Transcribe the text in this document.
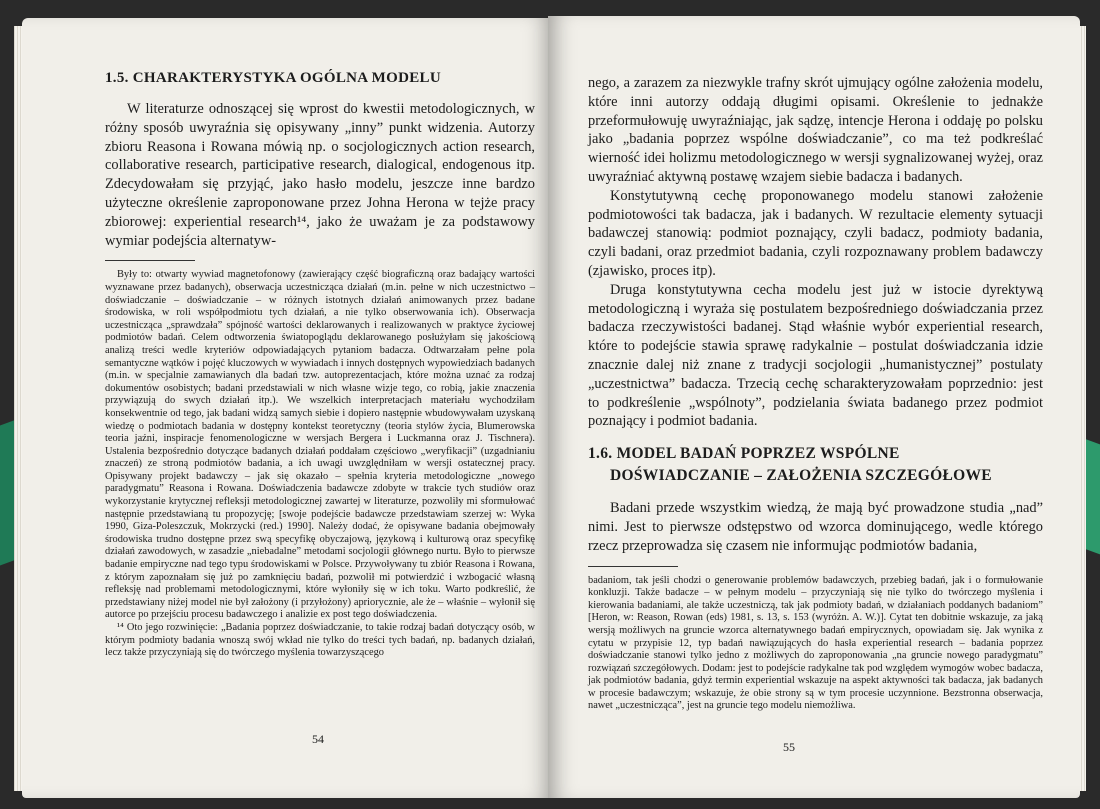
1.5. CHARAKTERYSTYKA OGÓLNA MODELU

W literaturze odnoszącej się wprost do kwestii metodologicznych, w różny sposób uwyraźnia się opisywany „inny” punkt widzenia. Autorzy zbioru Reasona i Rowana mówią np. o socjologicznych action research, collaborative research, participative research, dialogical, endogenous itp. Zdecydowałam się przyjąć, jako hasło modelu, jeszcze inne bardzo użyteczne określenie zaproponowane przez Johna Herona w tejże pracy zbiorowej: experiential research¹⁴, jako że uważam je za podstawowy wymiar podejścia alternatyw-

Były to: otwarty wywiad magnetofonowy (zawierający część biograficzną oraz badający wartości wyznawane przez badanych), obserwacja uczestnicząca działań (m.in. pełne w nich uczestnictwo – doświadczanie – doświadczanie – w różnych istotnych działań animowanych przez badane środowiska, w roli współpodmiotu tych działań, a nie tylko obserwowania ich). Obserwacja uczestnicząca „sprawdzała” spójność wartości deklarowanych i realizowanych w praktyce życiowej podmiotów badań. Celem odtworzenia światopoglądu deklarowanego posłużyłam się jakościową analizą treści wedle kryteriów odpowiadających pytaniom badacza. Odtwarzałam pełne pola semantyczne wątków i pojęć kluczowych w wywiadach i innych dostępnych wypowiedziach badanych (m.in. w specjalnie zamawianych dla badań tzw. autoprezentacjach, które można uznać za rodzaj dokumentów osobistych; badani przedstawiali w nich własne wizje tego, co robią, jakie znaczenia przywiązują do swych działań itp.). We wszelkich interpretacjach materiału wychodziłam konsekwentnie od tego, jak badani widzą samych siebie i dopiero następnie wbudowywałam uzyskaną wiedzę o podmiotach badania w dostępny kontekst teoretyczny (teoria stylów życia, Blumerowska teoria jaźni, inspiracje fenomenologiczne w wersjach Bergera i Luckmanna oraz J. Tischnera). Ustalenia bezpośrednio dotyczące badanych działań poddałam częściowo „weryfikacji” (uzgadnianiu znaczeń) ze stroną podmiotów badania, a ich uwagi uwzględniłam w wersji ostatecznej pracy. Opisywany projekt badawczy – jak się okazało – spełnia kryteria metodologiczne „nowego paradygmatu” Reasona i Rowana. Doświadczenia badawcze zdobyte w trakcie tych studiów oraz wykorzystanie krytycznej refleksji metodologicznej zawartej w literaturze, pozwoliły mi sformułować następnie przedstawianą tu propozycję; [swoje podejście badawcze przedstawiam szerzej w: Wyka 1990, Giza-Poleszczuk, Mokrzycki (red.) 1990]. Należy dodać, że opisywane badania obejmowały środowiska trudno dostępne przez swą specyfikę obyczajową, językową i kulturową oraz specyfikę działań zawodowych, w zasadzie „niebadalne” metodami socjologii głównego nurtu. Było to pierwsze badanie empiryczne nad tego typu środowiskami w Polsce. Przywoływany tu zbiór Reasona i Rowana, z którym zapoznałam się już po zamknięciu badań, pozwolił mi potwierdzić i wzbogacić własną refleksję nad problemami metodologicznymi, które wyłoniły się w ich toku. Warto podkreślić, że przedstawiany niżej model nie był założony (i przyłożony) apriorycznie, ale że – właśnie – wyłonił się autorce po przejściu procesu badawczego i analizie ex post tego doświadczenia.

¹⁴ Oto jego rozwinięcie: „Badania poprzez doświadczanie, to takie rodzaj badań dotyczący osób, w którym podmioty badania wnoszą swój wkład nie tylko do treści tych badań, np. badanych działań, lecz także przyczyniają się do twórczego myślenia towarzyszącego

54

nego, a zarazem za niezwykle trafny skrót ujmujący ogólne założenia modelu, które inni autorzy oddają długimi opisami. Określenie to jednakże przeformułowuję uwyraźniając, jak sądzę, intencje Herona i oddaję po polsku jako „badania poprzez wspólne doświadczanie”, co ma też podkreślać wierność idei holizmu metodologicznego w wersji sygnalizowanej wyżej, oraz uwyraźniać aktywną postawę wzajem siebie badacza i badanych.

Konstytutywną cechę proponowanego modelu stanowi założenie podmiotowości tak badacza, jak i badanych. W rezultacie elementy sytuacji badawczej stanowią: podmiot poznający, czyli badacz, podmioty badania, czyli badani, oraz przedmiot badania, czyli rozpoznawany problem badawczy (zjawisko, proces itp).

Druga konstytutywna cecha modelu jest już w istocie dyrektywą metodologiczną i wyraża się postulatem bezpośredniego doświadczania przez badacza rzeczywistości badanej. Stąd właśnie wybór experiential research, które to podejście stawia sprawę radykalnie – postulat doświadczania idzie znacznie dalej niż znane z tradycji socjologii „humanistycznej” postulaty „uczestnictwa” badacza. Trzecią cechę scharakteryzowałam poprzednio: jest to podkreślenie „wspólnoty”, podzielania świata badanego przez podmiot poznający i podmiot badania.

1.6. MODEL BADAŃ POPRZEZ WSPÓLNE DOŚWIADCZANIE – ZAŁOŻENIA SZCZEGÓŁOWE

Badani przede wszystkim wiedzą, że mają być prowadzone studia „nad” nimi. Jest to pierwsze odstępstwo od wzorca dominującego, wedle którego rzecz przeprowadza się czasem nie informując podmiotów badania,

badaniom, tak jeśli chodzi o generowanie problemów badawczych, przebieg badań, jak i o formułowanie konkluzji. Także badacze – w pełnym modelu – przyczyniają się nie tylko do twórczego myślenia i kierowania badaniami, ale także uczestniczą, tak jak podmioty badań, w działaniach poddanych badaniom” [Heron, w: Reason, Rowan (eds) 1981, s. 13, s. 153 (wyróżn. A. W.)]. Cytat ten dobitnie wskazuje, za jaką wersją możliwych na gruncie wzorca alternatywnego badań empirycznych, opowiadam się. Jak wynika z cytatu w przypisie 12, typ badań nawiązujących do hasła experiential research – badania poprzez doświadczanie stanowi tylko jedno z możliwych do zaproponowania „na gruncie nowego paradygmatu” rozwiązań szczegółowych. Dodam: jest to podejście radykalne tak pod względem wymogów wobec badacza, jak podmiotów badania, gdyż termin experiential wskazuje na aspekt aktywności tak badacza, jak badanych w procesie badawczym; wskazuje, że obie strony są w tym procesie uczynnione. Bezstronna obserwacja, nawet „uczestnicząca”, jest na gruncie tego modelu niemożliwa.

55
